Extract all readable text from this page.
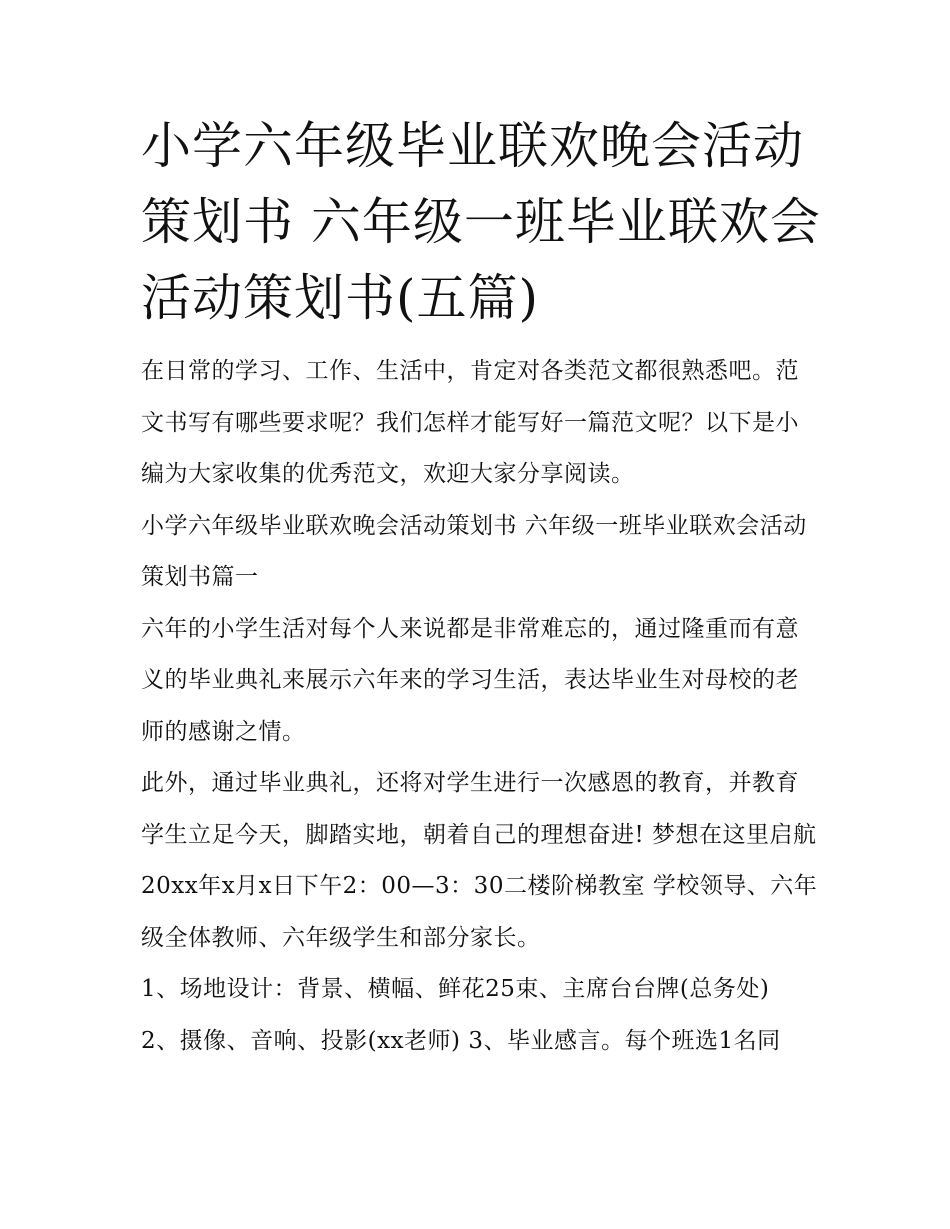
小学六年级毕业联欢晚会活动策划书 六年级一班毕业联欢会活动策划书(五篇)

在日常的学习、工作、生活中，肯定对各类范文都很熟悉吧。范文书写有哪些要求呢？我们怎样才能写好一篇范文呢？以下是小编为大家收集的优秀范文，欢迎大家分享阅读。

小学六年级毕业联欢晚会活动策划书 六年级一班毕业联欢会活动策划书篇一

六年的小学生活对每个人来说都是非常难忘的，通过隆重而有意义的毕业典礼来展示六年来的学习生活，表达毕业生对母校的老师的感谢之情。

此外，通过毕业典礼，还将对学生进行一次感恩的教育，并教育学生立足今天，脚踏实地，朝着自己的理想奋进! 梦想在这里启航

20xx年x月x日下午2：00—3：30二楼阶梯教室 学校领导、六年级全体教师、六年级学生和部分家长。

1、场地设计：背景、横幅、鲜花25束、主席台台牌(总务处)

2、摄像、音响、投影(xx老师) 3、毕业感言。每个班选1名同
